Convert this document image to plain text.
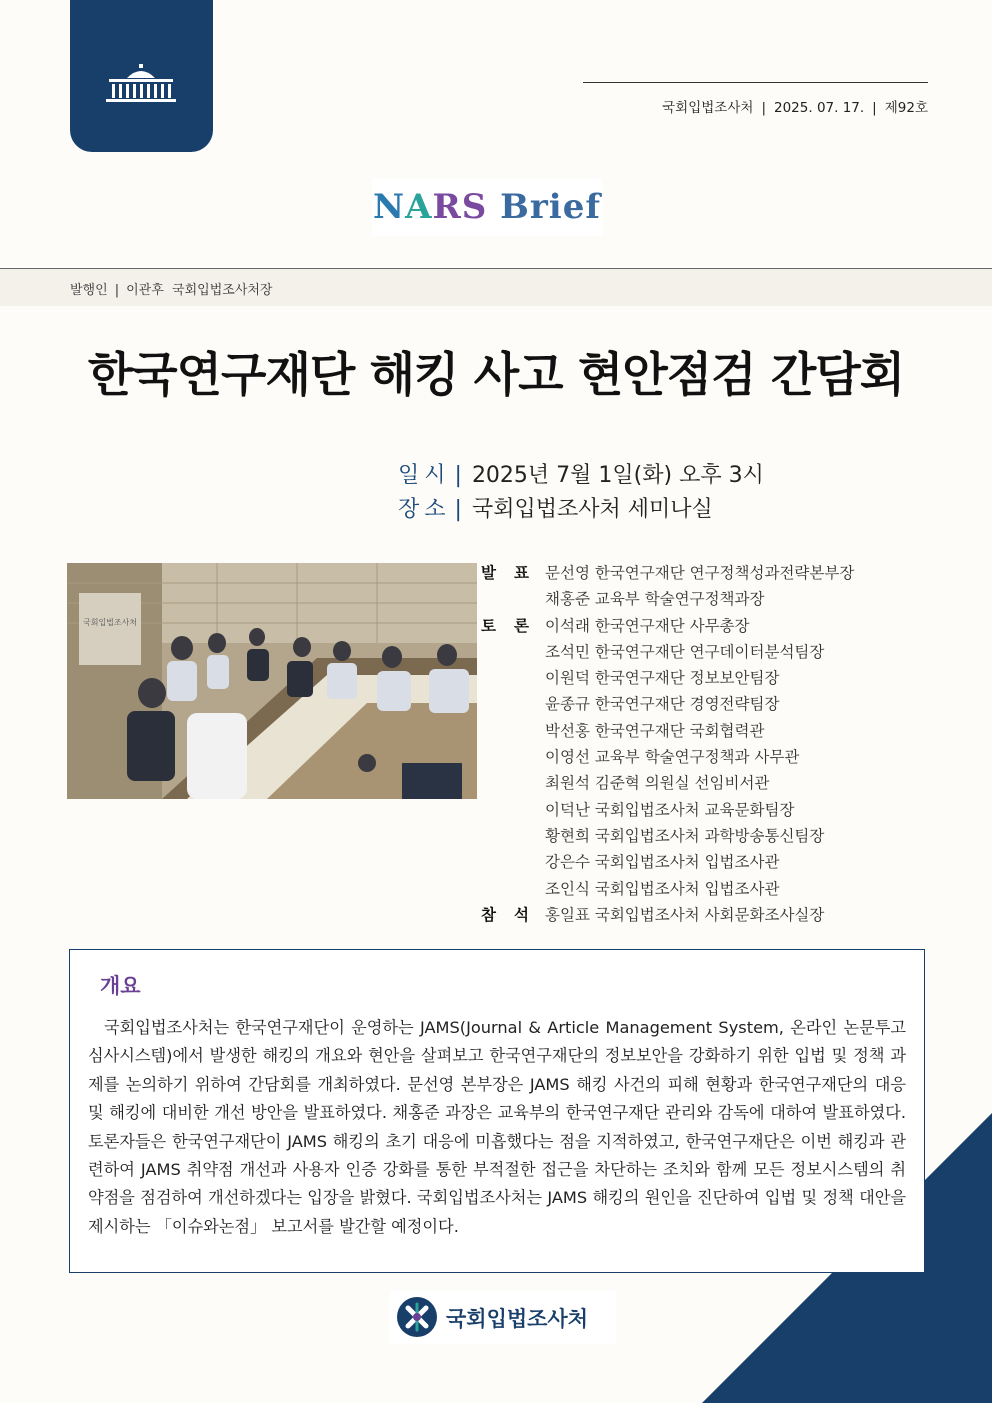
국회입법조사처 | 2025. 07. 17. | 제92호
NARS Brief
발행인 | 이관후 국회입법조사처장
한국연구재단 해킹 사고 현안점검 간담회
일시 | 2025년 7월 1일(화) 오후 3시
장소 | 국회입법조사처 세미나실
국회입법조사처
발표
문선영 한국연구재단 연구정책성과전략본부장
채홍준 교육부 학술연구정책과장
토론
이석래 한국연구재단 사무총장
조석민 한국연구재단 연구데이터분석팀장
이원덕 한국연구재단 정보보안팀장
윤종규 한국연구재단 경영전략팀장
박선홍 한국연구재단 국회협력관
이영선 교육부 학술연구정책과 사무관
최원석 김준혁 의원실 선임비서관
이덕난 국회입법조사처 교육문화팀장
황현희 국회입법조사처 과학방송통신팀장
강은수 국회입법조사처 입법조사관
조인식 국회입법조사처 입법조사관
참석
홍일표 국회입법조사처 사회문화조사실장
개요
국회입법조사처는 한국연구재단이 운영하는 JAMS(Journal & Article Management System, 온라인 논문투고 심사시스템)에서 발생한 해킹의 개요와 현안을 살펴보고 한국연구재단의 정보보안을 강화하기 위한 입법 및 정책 과제를 논의하기 위하여 간담회를 개최하였다. 문선영 본부장은 JAMS 해킹 사건의 피해 현황과 한국연구재단의 대응 및 해킹에 대비한 개선 방안을 발표하였다. 채홍준 과장은 교육부의 한국연구재단 관리와 감독에 대하여 발표하였다. 토론자들은 한국연구재단이 JAMS 해킹의 초기 대응에 미흡했다는 점을 지적하였고, 한국연구재단은 이번 해킹과 관련하여 JAMS 취약점 개선과 사용자 인증 강화를 통한 부적절한 접근을 차단하는 조치와 함께 모든 정보시스템의 취약점을 점검하여 개선하겠다는 입장을 밝혔다. 국회입법조사처는 JAMS 해킹의 원인을 진단하여 입법 및 정책 대안을 제시하는 「이슈와논점」 보고서를 발간할 예정이다.
국회입법조사처
